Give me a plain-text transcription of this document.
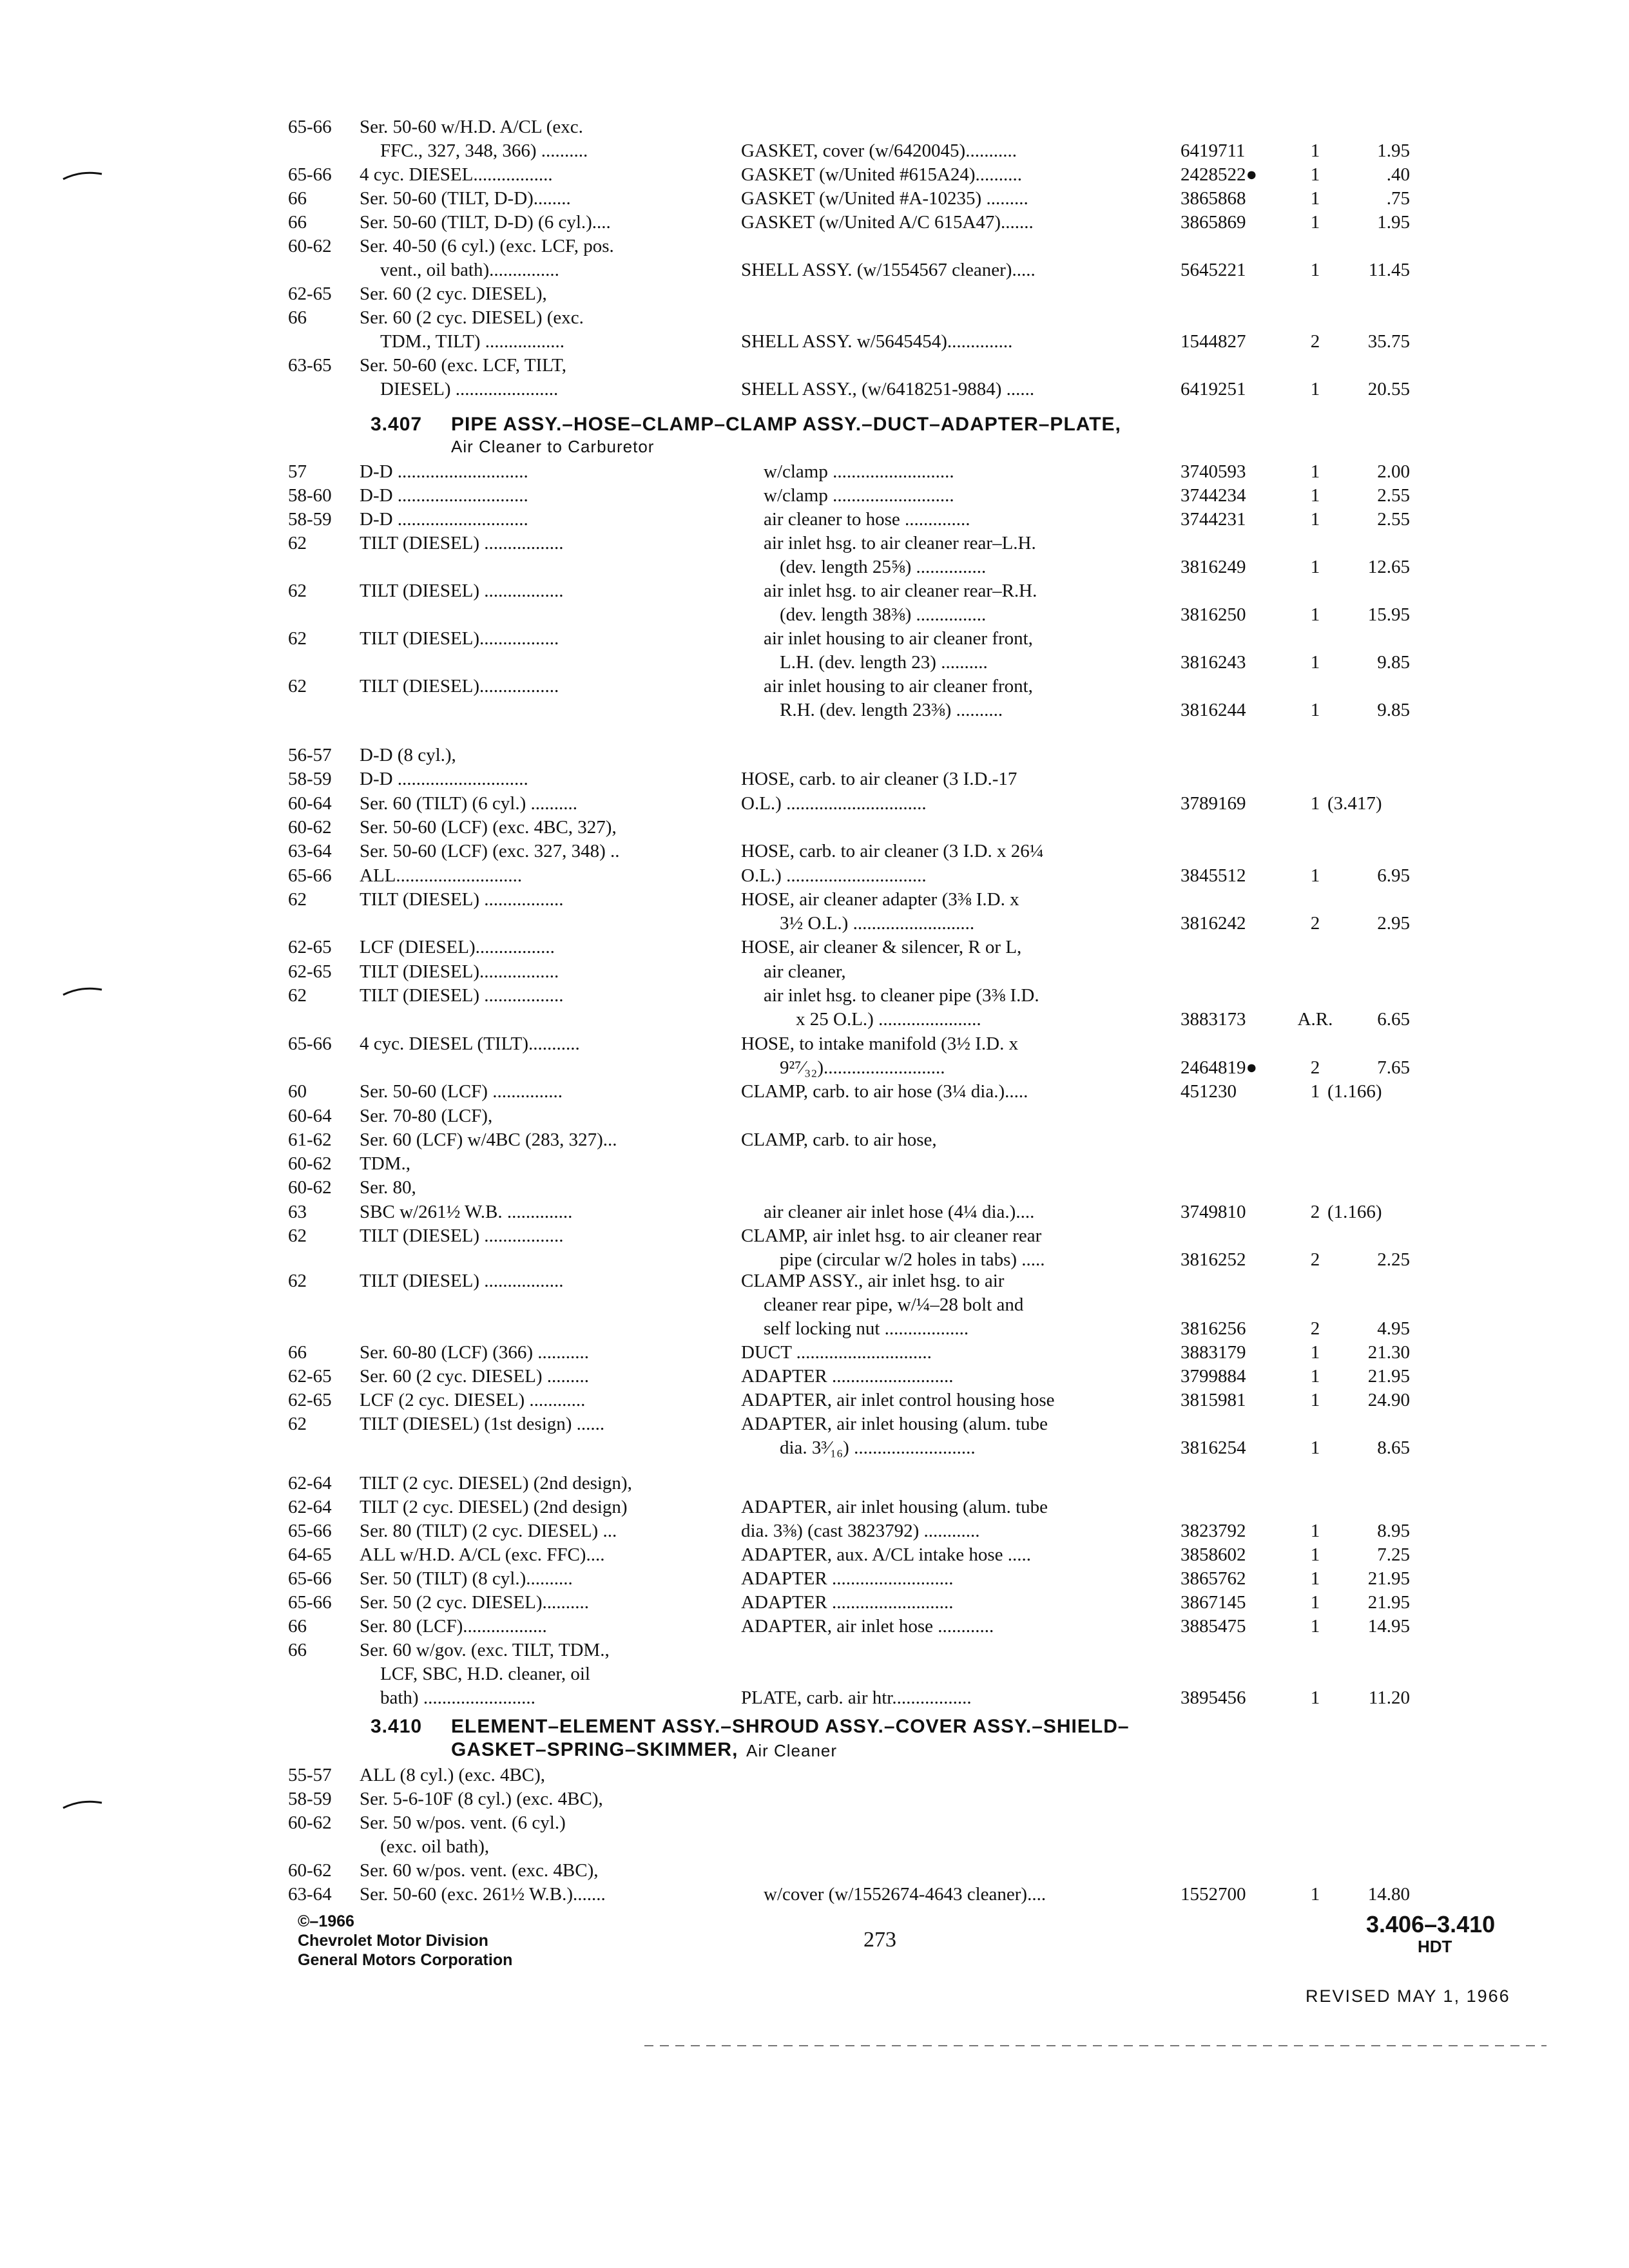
65-66	Ser. 50-60 w/H.D. A/CL (exc.
FFC., 327, 348, 366) ..........	GASKET, cover (w/6420045)...........	6419711	1	1.95
65-66	4 cyc. DIESEL.................	GASKET (w/United #615A24)..........	2428522●	1	.40
66	Ser. 50-60 (TILT, D-D)........	GASKET (w/United #A-10235) .........	3865868	1	.75
66	Ser. 50-60 (TILT, D-D) (6 cyl.)....	GASKET (w/United A/C 615A47).......	3865869	1	1.95
60-62	Ser. 40-50 (6 cyl.) (exc. LCF, pos.
vent., oil bath)...............	SHELL ASSY. (w/1554567 cleaner).....	5645221	1	11.45
62-65	Ser. 60 (2 cyc. DIESEL),
66	Ser. 60 (2 cyc. DIESEL) (exc.
TDM., TILT) .................	SHELL ASSY. w/5645454)..............	1544827	2	35.75
63-65	Ser. 50-60 (exc. LCF, TILT,
DIESEL) ......................	SHELL ASSY., (w/6418251-9884) ......	6419251	1	20.55
3.407 PIPE ASSY.–HOSE–CLAMP–CLAMP ASSY.–DUCT–ADAPTER–PLATE,
Air Cleaner to Carburetor
57	D-D ............................	w/clamp ..........................	3740593	1	2.00
58-60	D-D ............................	w/clamp ..........................	3744234	1	2.55
58-59	D-D ............................	air cleaner to hose ..............	3744231	1	2.55
62	TILT (DIESEL) .................	air inlet hsg. to air cleaner rear–L.H.
(dev. length 25⅝) ...............	3816249	1	12.65
62	TILT (DIESEL) .................	air inlet hsg. to air cleaner rear–R.H.
(dev. length 38⅜) ...............	3816250	1	15.95
62	TILT (DIESEL).................	air inlet housing to air cleaner front,
L.H. (dev. length 23) ..........	3816243	1	9.85
62	TILT (DIESEL).................	air inlet housing to air cleaner front,
R.H. (dev. length 23⅜) ..........	3816244	1	9.85
56-57	D-D (8 cyl.),
58-59	D-D ............................	HOSE, carb. to air cleaner (3 I.D.-17
60-64	Ser. 60 (TILT) (6 cyl.) ..........	O.L.) ..............................	3789169	1 (3.417)
60-62	Ser. 50-60 (LCF) (exc. 4BC, 327),
63-64	Ser. 50-60 (LCF) (exc. 327, 348) ..	HOSE, carb. to air cleaner (3 I.D. x 26¼
65-66	ALL...........................	O.L.) ..............................	3845512	1	6.95
62	TILT (DIESEL) .................	HOSE, air cleaner adapter (3⅜ I.D. x
3½ O.L.) ..........................	3816242	2	2.95
62-65	LCF (DIESEL).................	HOSE, air cleaner & silencer, R or L,
62-65	TILT (DIESEL).................	air cleaner,
62	TILT (DIESEL) .................	air inlet hsg. to cleaner pipe (3⅜ I.D.
x 25 O.L.) ......................	3883173	A.R.	6.65
65-66	4 cyc. DIESEL (TILT)...........	HOSE, to intake manifold (3½ I.D. x
9²⁷⁄₃₂)..........................	2464819●	2	7.65
60	Ser. 50-60 (LCF) ...............	CLAMP, carb. to air hose (3¼ dia.).....	451230	1 (1.166)
60-64	Ser. 70-80 (LCF),
61-62	Ser. 60 (LCF) w/4BC (283, 327)...	CLAMP, carb. to air hose,
60-62	TDM.,
60-62	Ser. 80,
63	SBC w/261½ W.B. ..............	air cleaner air inlet hose (4¼ dia.)....	3749810	2 (1.166)
62	TILT (DIESEL) .................	CLAMP, air inlet hsg. to air cleaner rear
pipe (circular w/2 holes in tabs) .....	3816252	2	2.25
62	TILT (DIESEL) .................	CLAMP ASSY., air inlet hsg. to air
cleaner rear pipe, w/¼–28 bolt and
self locking nut ..................	3816256	2	4.95
66	Ser. 60-80 (LCF) (366) ...........	DUCT .............................	3883179	1	21.30
62-65	Ser. 60 (2 cyc. DIESEL) .........	ADAPTER ..........................	3799884	1	21.95
62-65	LCF (2 cyc. DIESEL) ............	ADAPTER, air inlet control housing hose	3815981	1	24.90
62	TILT (DIESEL) (1st design) ......	ADAPTER, air inlet housing (alum. tube
dia. 3³⁄₁₆) ..........................	3816254	1	8.65
62-64	TILT (2 cyc. DIESEL) (2nd design),
62-64	TILT (2 cyc. DIESEL) (2nd design)	ADAPTER, air inlet housing (alum. tube
65-66	Ser. 80 (TILT) (2 cyc. DIESEL) ...	dia. 3⅜) (cast 3823792) ............	3823792	1	8.95
64-65	ALL w/H.D. A/CL (exc. FFC)....	ADAPTER, aux. A/CL intake hose .....	3858602	1	7.25
65-66	Ser. 50 (TILT) (8 cyl.)..........	ADAPTER ..........................	3865762	1	21.95
65-66	Ser. 50 (2 cyc. DIESEL)..........	ADAPTER ..........................	3867145	1	21.95
66	Ser. 80 (LCF)..................	ADAPTER, air inlet hose ............	3885475	1	14.95
66	Ser. 60 w/gov. (exc. TILT, TDM.,
LCF, SBC, H.D. cleaner, oil
bath) ........................	PLATE, carb. air htr.................	3895456	1	11.20
3.410 ELEMENT–ELEMENT ASSY.–SHROUD ASSY.–COVER ASSY.–SHIELD–
GASKET–SPRING–SKIMMER, Air Cleaner
55-57	ALL (8 cyl.) (exc. 4BC),
58-59	Ser. 5-6-10F (8 cyl.) (exc. 4BC),
60-62	Ser. 50 w/pos. vent. (6 cyl.)
(exc. oil bath),
60-62	Ser. 60 w/pos. vent. (exc. 4BC),
63-64	Ser. 50-60 (exc. 261½ W.B.).......	w/cover (w/1552674-4643 cleaner)....	1552700	1	14.80
©–1966
Chevrolet Motor Division
General Motors Corporation
273
3.406–3.410
HDT
REVISED MAY 1, 1966
